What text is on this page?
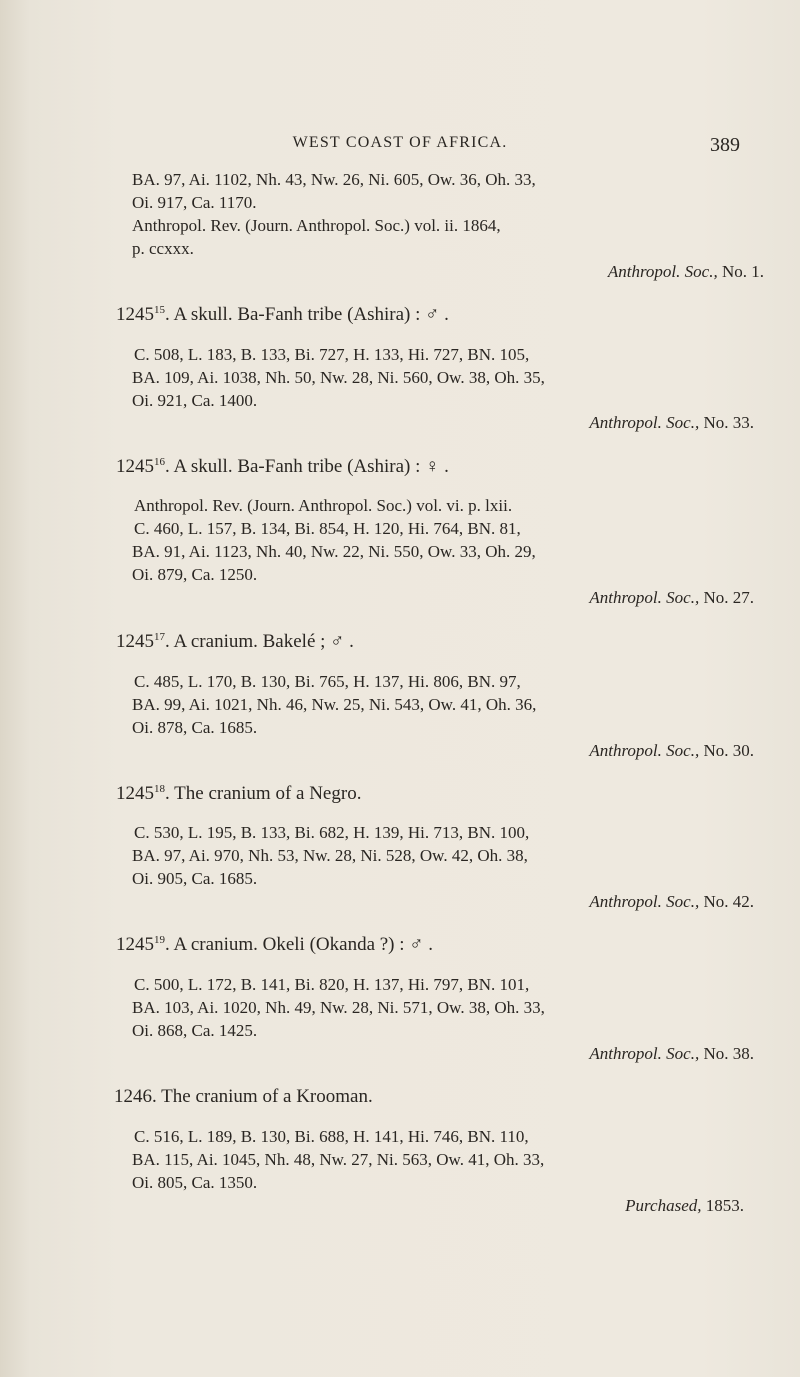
WEST COAST OF AFRICA.	389
BA. 97, Ai. 1102, Nh. 43, Nw. 26, Ni. 605, Ow. 36, Oh. 33,
Oi. 917, Ca. 1170.
Anthropol. Rev. (Journ. Anthropol. Soc.) vol. ii. 1864,
p. ccxxx.
Anthropol. Soc., No. 1.
1245$^{15}$. A skull. Ba-Fanh tribe (Ashira) : ♂ .
C. 508, L. 183, B. 133, Bi. 727, H. 133, Hi. 727, BN. 105,
BA. 109, Ai. 1038, Nh. 50, Nw. 28, Ni. 560, Ow. 38, Oh. 35,
Oi. 921, Ca. 1400.
Anthropol. Soc., No. 33.
1245$^{16}$. A skull. Ba-Fanh tribe (Ashira) : ♀ .
Anthropol. Rev. (Journ. Anthropol. Soc.) vol. vi. p. lxii.
C. 460, L. 157, B. 134, Bi. 854, H. 120, Hi. 764, BN. 81,
BA. 91, Ai. 1123, Nh. 40, Nw. 22, Ni. 550, Ow. 33, Oh. 29,
Oi. 879, Ca. 1250.
Anthropol. Soc., No. 27.
1245$^{17}$. A cranium. Bakelé ; ♂ .
C. 485, L. 170, B. 130, Bi. 765, H. 137, Hi. 806, BN. 97,
BA. 99, Ai. 1021, Nh. 46, Nw. 25, Ni. 543, Ow. 41, Oh. 36,
Oi. 878, Ca. 1685.
Anthropol. Soc., No. 30.
1245$^{18}$. The cranium of a Negro.
C. 530, L. 195, B. 133, Bi. 682, H. 139, Hi. 713, BN. 100,
BA. 97, Ai. 970, Nh. 53, Nw. 28, Ni. 528, Ow. 42, Oh. 38,
Oi. 905, Ca. 1685.
Anthropol. Soc., No. 42.
1245$^{19}$. A cranium. Okeli (Okanda ?) : ♂ .
C. 500, L. 172, B. 141, Bi. 820, H. 137, Hi. 797, BN. 101,
BA. 103, Ai. 1020, Nh. 49, Nw. 28, Ni. 571, Ow. 38, Oh. 33,
Oi. 868, Ca. 1425.
Anthropol. Soc., No. 38.
1246. The cranium of a Krooman.
C. 516, L. 189, B. 130, Bi. 688, H. 141, Hi. 746, BN. 110,
BA. 115, Ai. 1045, Nh. 48, Nw. 27, Ni. 563, Ow. 41, Oh. 33,
Oi. 805, Ca. 1350.
Purchased, 1853.
